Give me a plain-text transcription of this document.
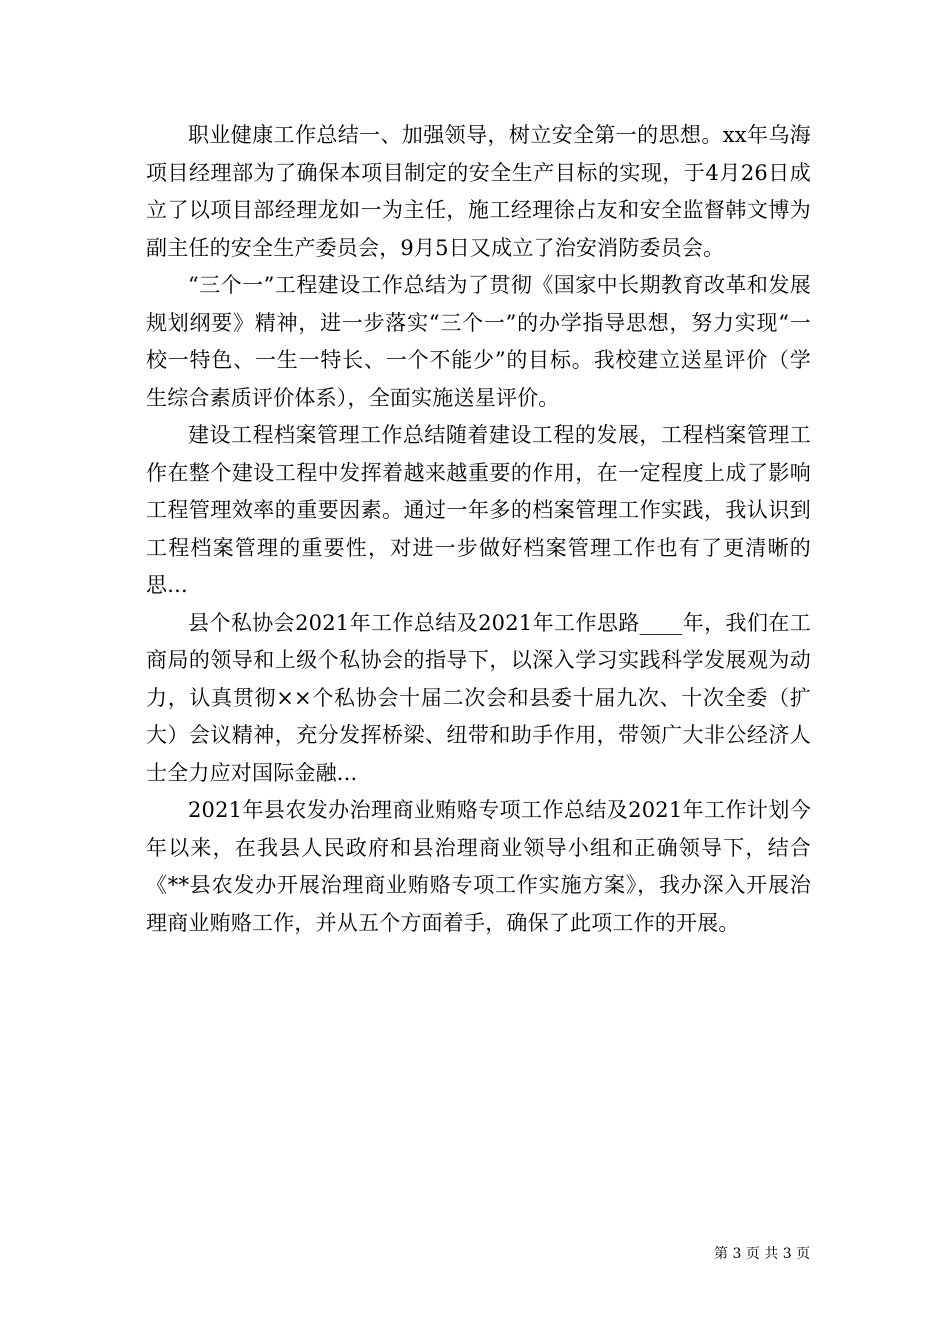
职业健康工作总结一、加强领导，树立安全第一的思想。xx年乌海项目经理部为了确保本项目制定的安全生产目标的实现，于4月26日成立了以项目部经理龙如一为主任，施工经理徐占友和安全监督韩文博为副主任的安全生产委员会，9月5日又成立了治安消防委员会。

“三个一”工程建设工作总结为了贯彻《国家中长期教育改革和发展规划纲要》精神，进一步落实“三个一”的办学指导思想，努力实现“一校一特色、一生一特长、一个不能少”的目标。我校建立送星评价（学生综合素质评价体系），全面实施送星评价。

建设工程档案管理工作总结随着建设工程的发展，工程档案管理工作在整个建设工程中发挥着越来越重要的作用，在一定程度上成了影响工程管理效率的重要因素。通过一年多的档案管理工作实践，我认识到工程档案管理的重要性，对进一步做好档案管理工作也有了更清晰的思...

县个私协会2021年工作总结及2021年工作思路____年，我们在工商局的领导和上级个私协会的指导下，以深入学习实践科学发展观为动力，认真贯彻××个私协会十届二次会和县委十届九次、十次全委（扩大）会议精神，充分发挥桥梁、纽带和助手作用，带领广大非公经济人士全力应对国际金融...

2021年县农发办治理商业贿赂专项工作总结及2021年工作计划今年以来，在我县人民政府和县治理商业领导小组和正确领导下，结合《**县农发办开展治理商业贿赂专项工作实施方案》，我办深入开展治理商业贿赂工作，并从五个方面着手，确保了此项工作的开展。

第 3 页 共 3 页
